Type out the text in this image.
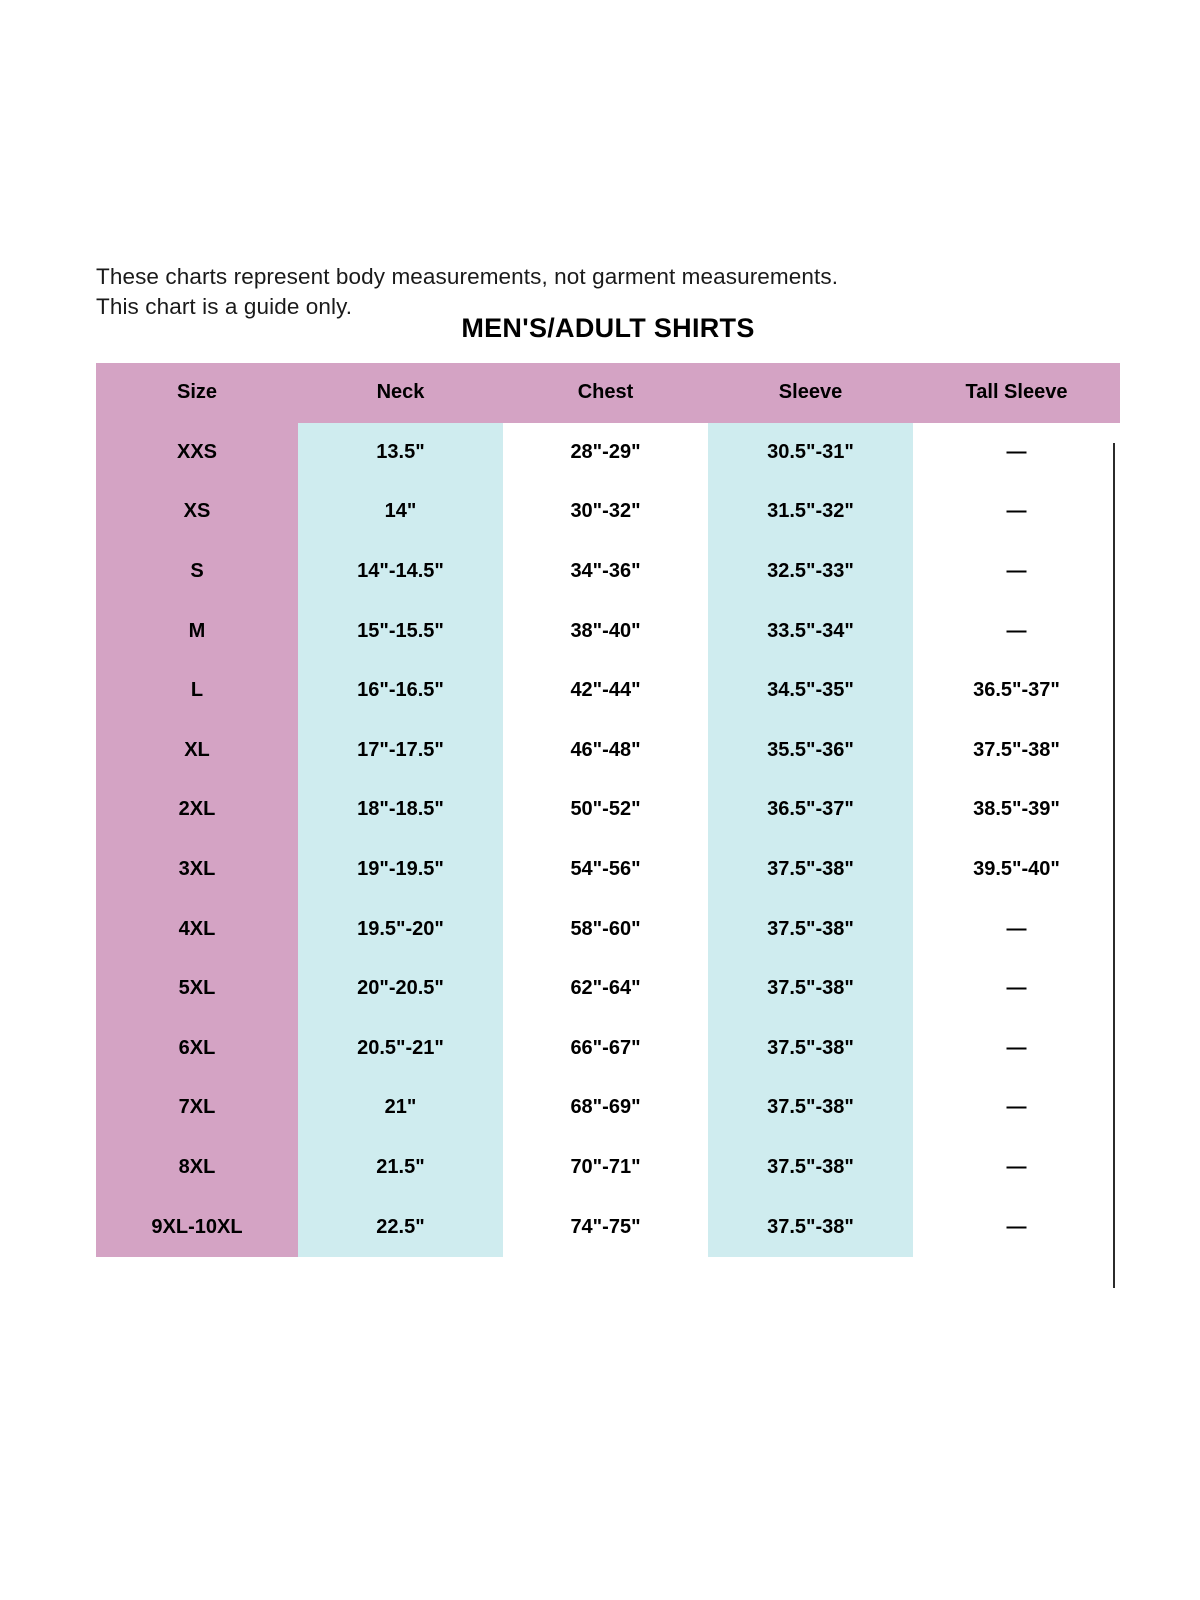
These charts represent body measurements, not garment measurements.
This chart is a guide only.
MEN'S/ADULT SHIRTS
Size	Neck	Chest	Sleeve	Tall Sleeve
XXS	13.5"	28"-29"	30.5"-31"	—
XS	14"	30"-32"	31.5"-32"	—
S	14"-14.5"	34"-36"	32.5"-33"	—
M	15"-15.5"	38"-40"	33.5"-34"	—
L	16"-16.5"	42"-44"	34.5"-35"	36.5"-37"
XL	17"-17.5"	46"-48"	35.5"-36"	37.5"-38"
2XL	18"-18.5"	50"-52"	36.5"-37"	38.5"-39"
3XL	19"-19.5"	54"-56"	37.5"-38"	39.5"-40"
4XL	19.5"-20"	58"-60"	37.5"-38"	—
5XL	20"-20.5"	62"-64"	37.5"-38"	—
6XL	20.5"-21"	66"-67"	37.5"-38"	—
7XL	21"	68"-69"	37.5"-38"	—
8XL	21.5"	70"-71"	37.5"-38"	—
9XL-10XL	22.5"	74"-75"	37.5"-38"	—
